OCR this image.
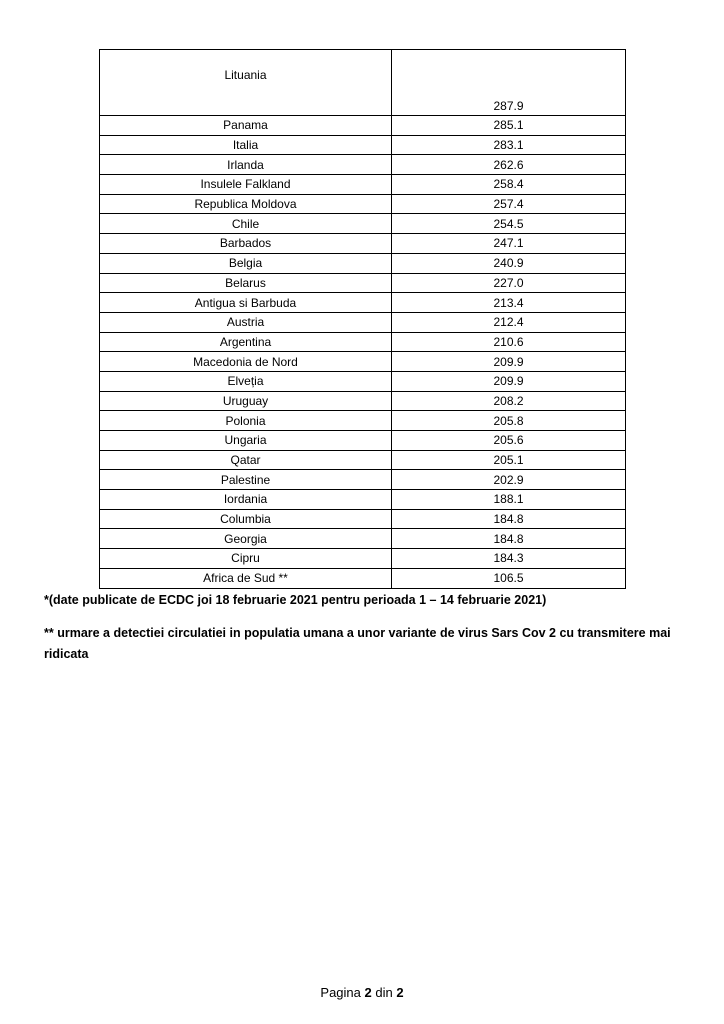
Lituania	287.9
Panama	285.1
Italia	283.1
Irlanda	262.6
Insulele Falkland	258.4
Republica Moldova	257.4
Chile	254.5
Barbados	247.1
Belgia	240.9
Belarus	227.0
Antigua si Barbuda	213.4
Austria	212.4
Argentina	210.6
Macedonia de Nord	209.9
Elveția	209.9
Uruguay	208.2
Polonia	205.8
Ungaria	205.6
Qatar	205.1
Palestine	202.9
Iordania	188.1
Columbia	184.8
Georgia	184.8
Cipru	184.3
Africa de Sud **	106.5

*(date publicate de ECDC joi 18 februarie 2021 pentru perioada 1 – 14 februarie 2021)

** urmare a detectiei circulatiei in populatia umana a unor variante de virus Sars Cov 2 cu transmitere mai ridicata

Pagina 2 din 2
